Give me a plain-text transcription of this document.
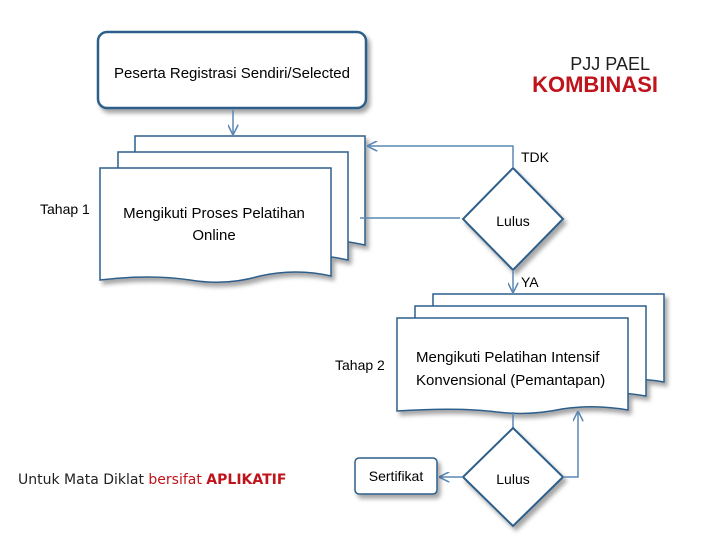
PJJ PAEL
KOMBINASI
Peserta Registrasi Sendiri/Selected
Mengikuti Proses Pelatihan
Online
Tahap 1
Lulus
TDK
YA
Mengikuti Pelatihan Intensif
Konvensional (Pemantapan)
Tahap 2
Lulus
Sertifikat
Untuk Mata Diklat bersifat APLIKATIF
